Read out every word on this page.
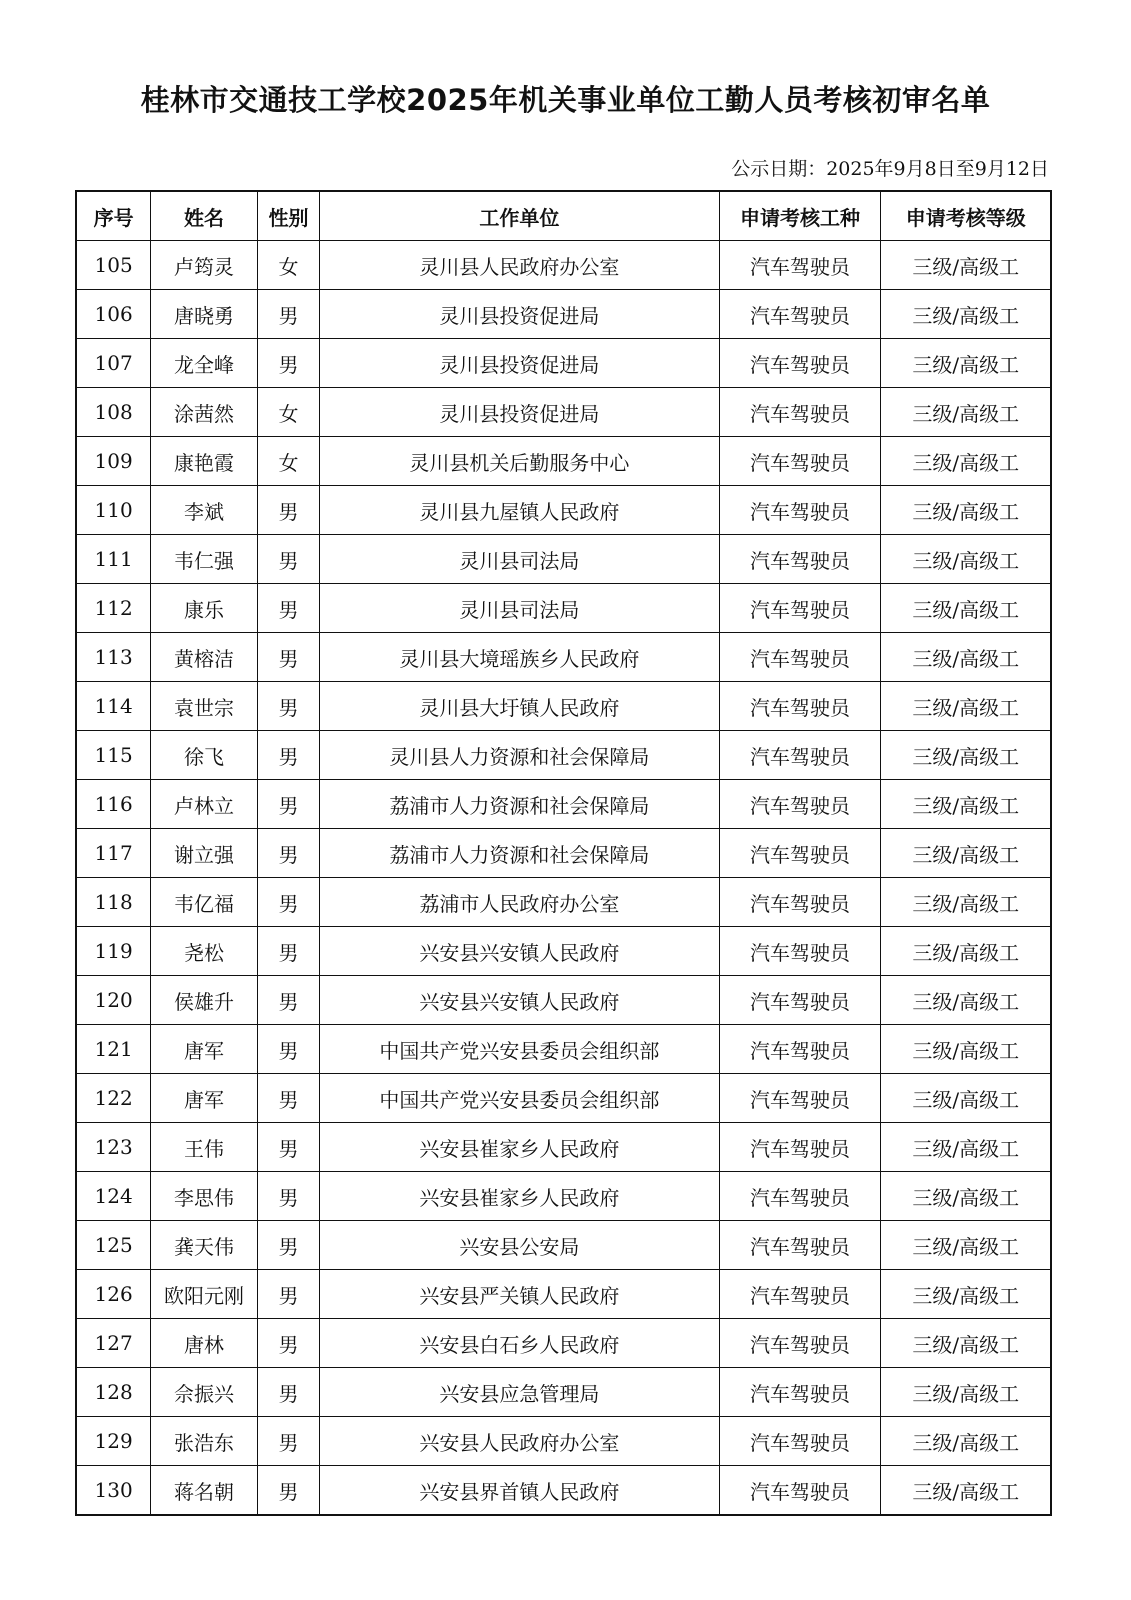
桂林市交通技工学校2025年机关事业单位工勤人员考核初审名单
公示日期：2025年9月8日至9月12日
序号	姓名	性别	工作单位	申请考核工种	申请考核等级
105	卢筠灵	女	灵川县人民政府办公室	汽车驾驶员	三级/高级工
106	唐晓勇	男	灵川县投资促进局	汽车驾驶员	三级/高级工
107	龙全峰	男	灵川县投资促进局	汽车驾驶员	三级/高级工
108	涂茜然	女	灵川县投资促进局	汽车驾驶员	三级/高级工
109	康艳霞	女	灵川县机关后勤服务中心	汽车驾驶员	三级/高级工
110	李斌	男	灵川县九屋镇人民政府	汽车驾驶员	三级/高级工
111	韦仁强	男	灵川县司法局	汽车驾驶员	三级/高级工
112	康乐	男	灵川县司法局	汽车驾驶员	三级/高级工
113	黄榕洁	男	灵川县大境瑶族乡人民政府	汽车驾驶员	三级/高级工
114	袁世宗	男	灵川县大圩镇人民政府	汽车驾驶员	三级/高级工
115	徐飞	男	灵川县人力资源和社会保障局	汽车驾驶员	三级/高级工
116	卢林立	男	荔浦市人力资源和社会保障局	汽车驾驶员	三级/高级工
117	谢立强	男	荔浦市人力资源和社会保障局	汽车驾驶员	三级/高级工
118	韦亿福	男	荔浦市人民政府办公室	汽车驾驶员	三级/高级工
119	尧松	男	兴安县兴安镇人民政府	汽车驾驶员	三级/高级工
120	侯雄升	男	兴安县兴安镇人民政府	汽车驾驶员	三级/高级工
121	唐军	男	中国共产党兴安县委员会组织部	汽车驾驶员	三级/高级工
122	唐军	男	中国共产党兴安县委员会组织部	汽车驾驶员	三级/高级工
123	王伟	男	兴安县崔家乡人民政府	汽车驾驶员	三级/高级工
124	李思伟	男	兴安县崔家乡人民政府	汽车驾驶员	三级/高级工
125	龚天伟	男	兴安县公安局	汽车驾驶员	三级/高级工
126	欧阳元刚	男	兴安县严关镇人民政府	汽车驾驶员	三级/高级工
127	唐林	男	兴安县白石乡人民政府	汽车驾驶员	三级/高级工
128	佘振兴	男	兴安县应急管理局	汽车驾驶员	三级/高级工
129	张浩东	男	兴安县人民政府办公室	汽车驾驶员	三级/高级工
130	蒋名朝	男	兴安县界首镇人民政府	汽车驾驶员	三级/高级工
